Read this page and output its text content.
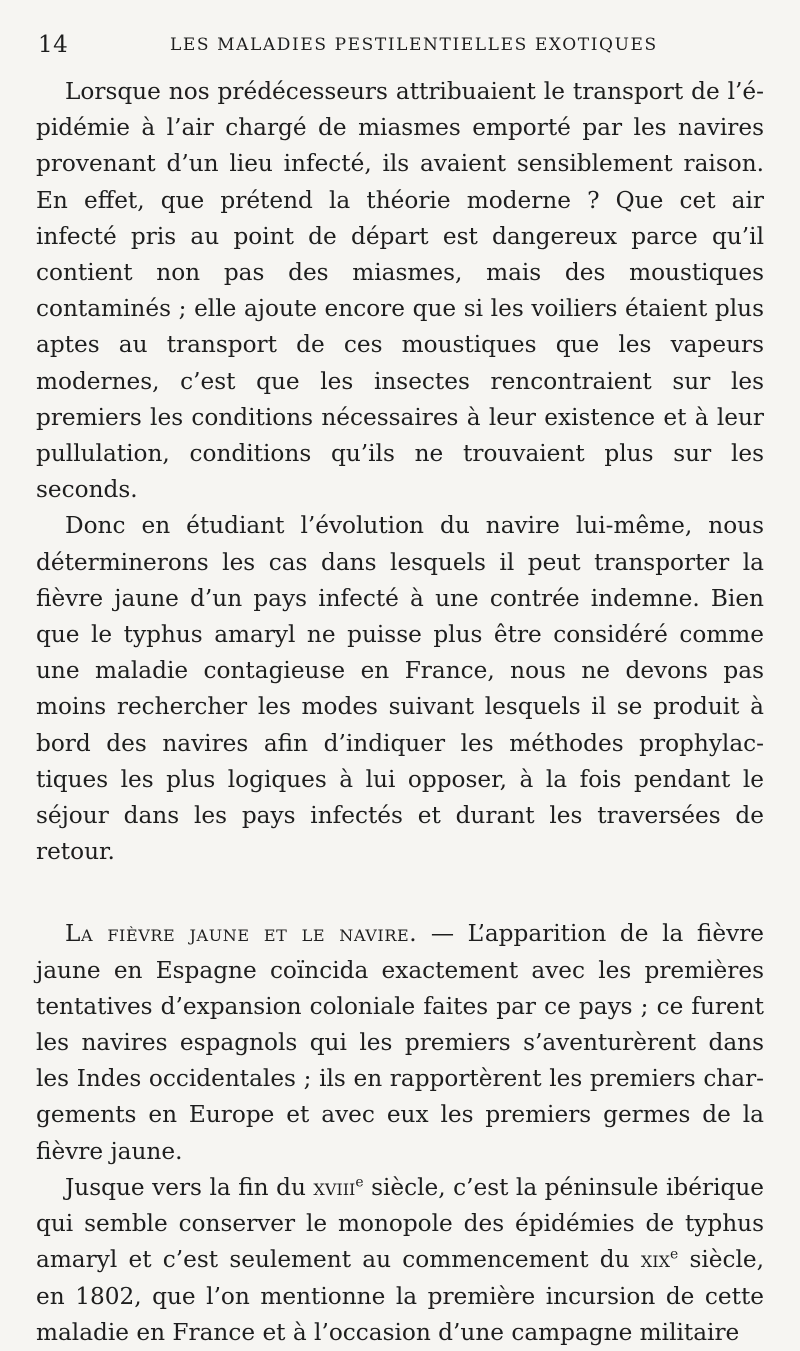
14	LES MALADIES PESTILENTIELLES EXOTIQUES

Lorsque nos prédécesseurs attribuaient le transport de l’épidémie à l’air chargé de miasmes emporté par les navires provenant d’un lieu infecté, ils avaient sensiblement raison. En effet, que prétend la théorie moderne ? Que cet air infecté pris au point de départ est dangereux parce qu’il contient non pas des miasmes, mais des moustiques contaminés ; elle ajoute encore que si les voiliers étaient plus aptes au transport de ces moustiques que les vapeurs modernes, c’est que les insectes rencontraient sur les premiers les conditions nécessaires à leur existence et à leur pullulation, conditions qu’ils ne trouvaient plus sur les seconds.

Donc en étudiant l’évolution du navire lui-même, nous déterminerons les cas dans lesquels il peut transporter la fièvre jaune d’un pays infecté à une contrée indemne. Bien que le typhus amaryl ne puisse plus être considéré comme une maladie contagieuse en France, nous ne devons pas moins rechercher les modes suivant lesquels il se produit à bord des navires afin d’indiquer les méthodes prophylactiques les plus logiques à lui opposer, à la fois pendant le séjour dans les pays infectés et durant les traversées de retour.

La fièvre jaune et le navire. — L’apparition de la fièvre jaune en Espagne coïncida exactement avec les premières tentatives d’expansion coloniale faites par ce pays ; ce furent les navires espagnols qui les premiers s’aventurèrent dans les Indes occidentales ; ils en rapportèrent les premiers chargements en Europe et avec eux les premiers germes de la fièvre jaune.

Jusque vers la fin du xviii$^e$ siècle, c’est la péninsule ibérique qui semble conserver le monopole des épidémies de typhus amaryl et c’est seulement au commencement du xix$^e$ siècle, en 1802, que l’on mentionne la première incursion de cette maladie en France et à l’occasion d’une campagne militaire
